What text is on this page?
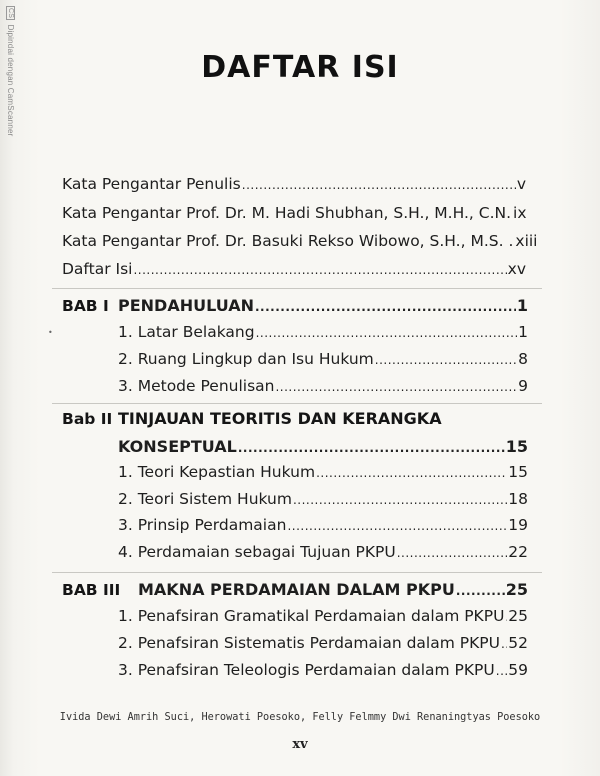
CS Dipindai dengan CamScanner	DAFTAR ISI
Kata Pengantar Penulis .....	v
Kata Pengantar Prof. Dr. M. Hadi Shubhan, S.H., M.H., C.N. ix
Kata Pengantar Prof. Dr. Basuki Rekso Wibowo, S.H., M.S. . xiii
Daftar Isi .....	xv
BAB I PENDAHULUAN .....	1
•	1. Latar Belakang .....	1
2. Ruang Lingkup dan Isu Hukum .....	8
3. Metode Penulisan .....	9
Bab II TINJAUAN TEORITIS DAN KERANGKA
KONSEPTUAL .....	15
1. Teori Kepastian Hukum .....	15
2. Teori Sistem Hukum .....	18
3. Prinsip Perdamaian .....	19
4. Perdamaian sebagai Tujuan PKPU .....	22
BAB III MAKNA PERDAMAIAN DALAM PKPU .....	25
1. Penafsiran Gramatikal Perdamaian dalam PKPU ..... 25
2. Penafsiran Sistematis Perdamaian dalam PKPU ..... 52
3. Penafsiran Teleologis Perdamaian dalam PKPU ..... 59
Ivida Dewi Amrih Suci, Herowati Poesoko, Felly Felmmy Dwi Renaningtyas Poesoko
xv
